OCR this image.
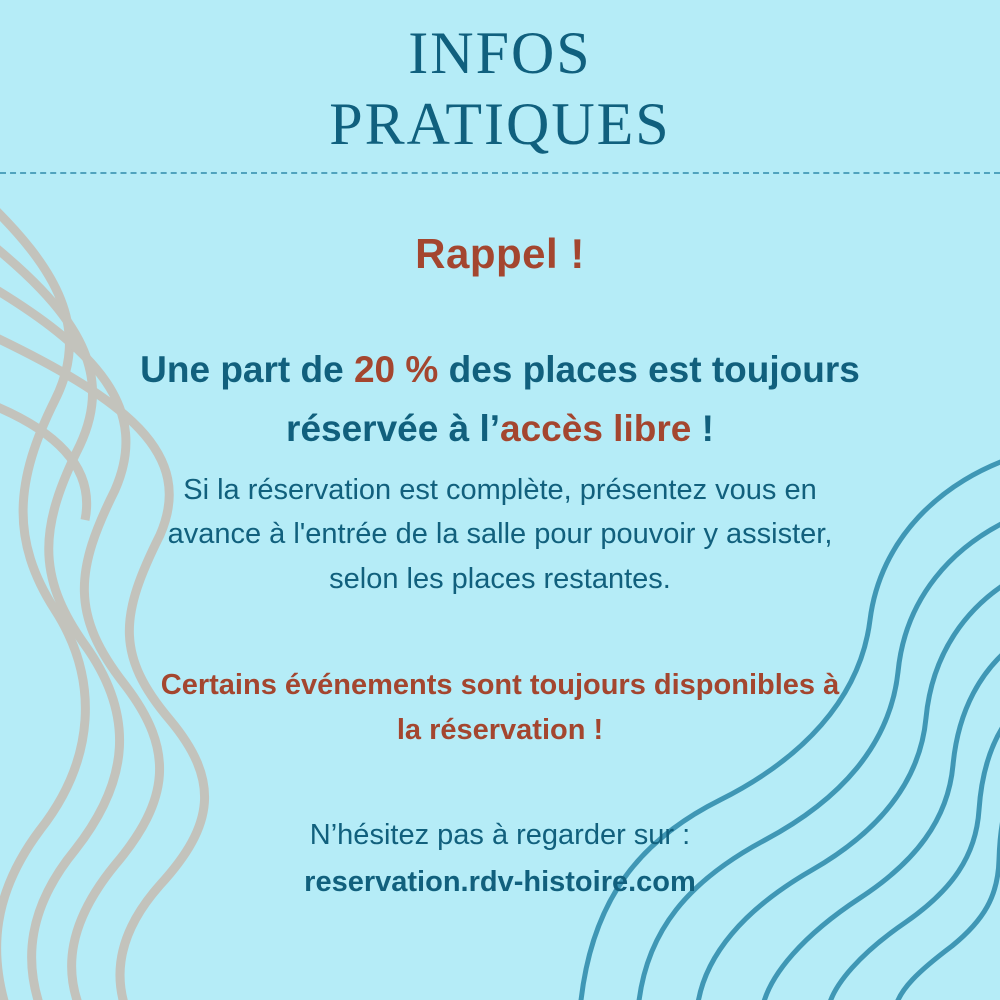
INFOS
PRATIQUES
Rappel !
Une part de 20 % des places est toujours réservée à l’accès libre !
Si la réservation est complète, présentez vous en avance à l'entrée de la salle pour pouvoir y assister, selon les places restantes.
Certains événements sont toujours disponibles à la réservation !
N’hésitez pas à regarder sur :
reservation.rdv-histoire.com
